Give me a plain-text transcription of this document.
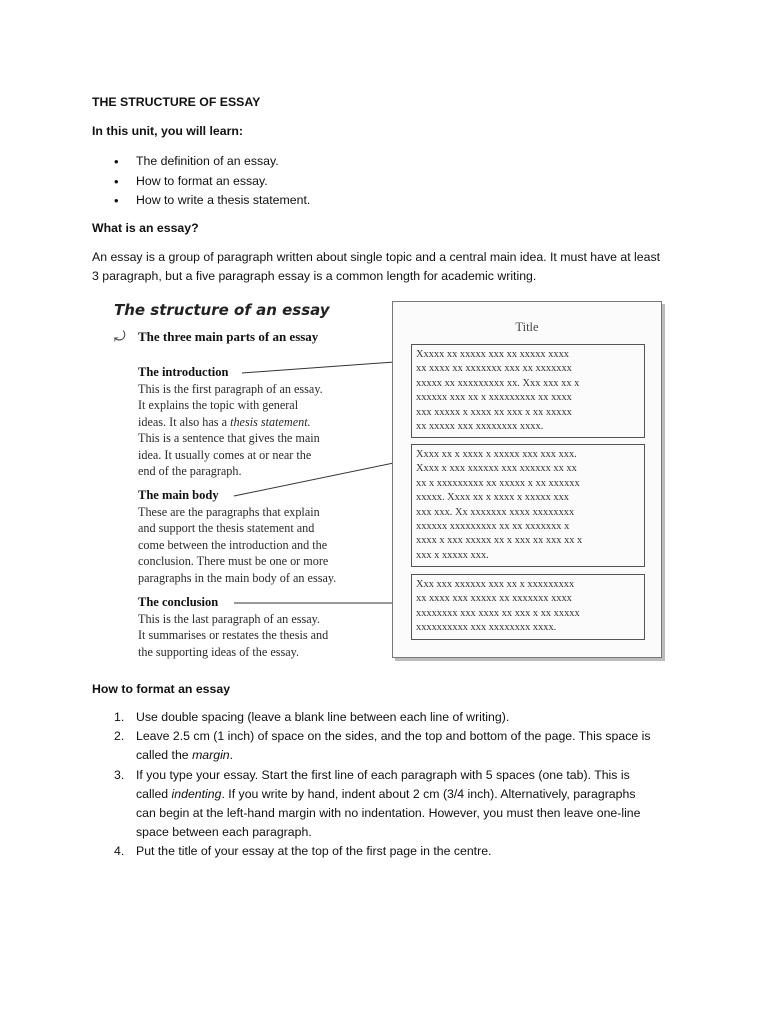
THE STRUCTURE OF ESSAY
In this unit, you will learn:
• The definition of an essay.
• How to format an essay.
• How to write a thesis statement.
What is an essay?
An essay is a group of paragraph written about single topic and a central main idea. It must have at least
3 paragraph, but a five paragraph essay is a common length for academic writing.
The structure of an essay
⤾ The three main parts of an essay
The introduction
This is the first paragraph of an essay.
It explains the topic with general
ideas. It also has a thesis statement.
This is a sentence that gives the main
idea. It usually comes at or near the
end of the paragraph.
The main body
These are the paragraphs that explain
and support the thesis statement and
come between the introduction and the
conclusion. There must be one or more
paragraphs in the main body of an essay.
The conclusion
This is the last paragraph of an essay.
It summarises or restates the thesis and
the supporting ideas of the essay.
Title
Xxxxx xx xxxxx xxx xx xxxxx xxxx
xx xxxx xx xxxxxxx xxx xx xxxxxxx
xxxxx xx xxxxxxxxx xx. Xxx xxx xx x
xxxxxx xxx xx x xxxxxxxxx xx xxxx
xxx xxxxx x xxxx xx xxx x xx xxxxx
xx xxxxx xxx xxxxxxxx xxxx.
Xxxx xx x xxxx x xxxxx xxx xxx xxx.
Xxxx x xxx xxxxxx xxx xxxxxx xx xx
xx x xxxxxxxxx xx xxxxx x xx xxxxxx
xxxxx. Xxxx xx x xxxx x xxxxx xxx
xxx xxx. Xx xxxxxxx xxxx xxxxxxxx
xxxxxx xxxxxxxxx xx xx xxxxxxx x
xxxx x xxx xxxxx xx x xxx xx xxx xx x
xxx x xxxxx xxx.
Xxx xxx xxxxxx xxx xx x xxxxxxxxx
xx xxxx xxx xxxxx xx xxxxxxx xxxx
xxxxxxxx xxx xxxx xx xxx x xx xxxxx
xxxxxxxxxx xxx xxxxxxxx xxxx.
How to format an essay
1. Use double spacing (leave a blank line between each line of writing).
2. Leave 2.5 cm (1 inch) of space on the sides, and the top and bottom of the page. This space is called the margin.
3. If you type your essay. Start the first line of each paragraph with 5 spaces (one tab). This is called indenting. If you write by hand, indent about 2 cm (3/4 inch). Alternatively, paragraphs can begin at the left-hand margin with no indentation. However, you must then leave one-line space between each paragraph.
4. Put the title of your essay at the top of the first page in the centre.
